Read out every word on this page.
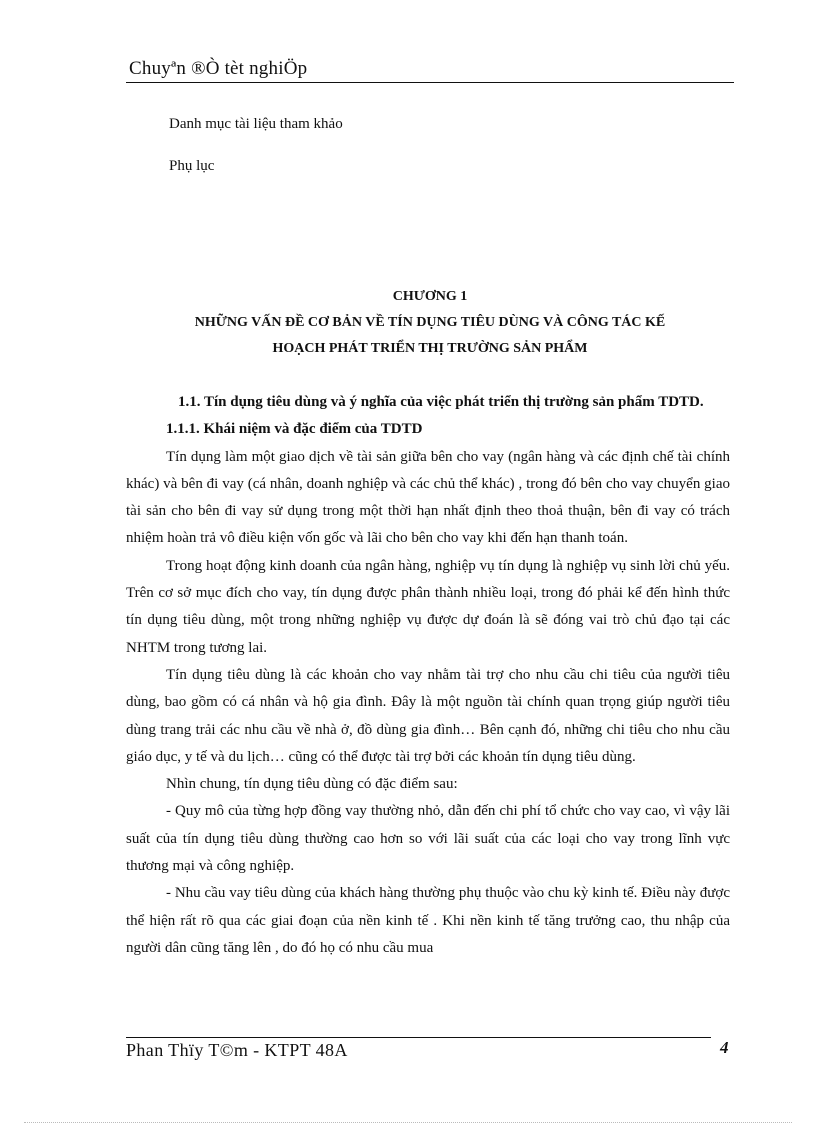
Chuyªn ®Ò tèt nghiÖp
Danh mục tài liệu tham khảo
Phụ lục
CHƯƠNG 1
NHỮNG VẤN ĐỀ CƠ BẢN VỀ TÍN DỤNG TIÊU DÙNG VÀ CÔNG TÁC KẾ
HOẠCH PHÁT TRIỂN THỊ TRƯỜNG SẢN PHẨM

1.1. Tín dụng tiêu dùng và ý nghĩa của việc phát triển thị trường sản phẩm TDTD.

1.1.1. Khái niệm và đặc điểm của TDTD

Tín dụng làm một giao dịch về tài sản giữa bên cho vay (ngân hàng và các định chế tài chính khác) và bên đi vay (cá nhân, doanh nghiệp và các chủ thể khác) , trong đó bên cho vay chuyển giao tài sản cho bên đi vay sử dụng trong một thời hạn nhất định theo thoả thuận, bên đi vay có trách nhiệm hoàn trả vô điều kiện vốn gốc và lãi cho bên cho vay khi đến hạn thanh toán.

Trong hoạt động kinh doanh của ngân hàng, nghiệp vụ tín dụng là nghiệp vụ sinh lời chủ yếu. Trên cơ sở mục đích cho vay, tín dụng được phân thành nhiều loại, trong đó phải kể đến hình thức tín dụng tiêu dùng, một trong những nghiệp vụ được dự đoán là sẽ đóng vai trò chủ đạo tại các NHTM trong tương lai.

Tín dụng tiêu dùng là các khoản cho vay nhằm tài trợ cho nhu cầu chi tiêu của người tiêu dùng, bao gồm có cá nhân và hộ gia đình. Đây là một nguồn tài chính quan trọng giúp người tiêu dùng trang trải các nhu cầu về nhà ở, đồ dùng gia đình… Bên cạnh đó, những chi tiêu cho nhu cầu giáo dục, y tế và du lịch… cũng có thể được tài trợ bởi các khoản tín dụng tiêu dùng.

Nhìn chung, tín dụng tiêu dùng có đặc điểm sau:

- Quy mô của từng hợp đồng vay thường nhỏ, dẫn đến chi phí tổ chức cho vay cao, vì vậy lãi suất của tín dụng tiêu dùng thường cao hơn so với lãi suất của các loại cho vay trong lĩnh vực thương mại và công nghiệp.

- Nhu cầu vay tiêu dùng của khách hàng thường phụ thuộc vào chu kỳ kinh tế. Điều này được thể hiện rất rõ qua các giai đoạn của nền kinh tế . Khi nền kinh tế tăng trưởng cao, thu nhập của người dân cũng tăng lên , do đó họ có nhu cầu mua

Phan Thïy T©m - KTPT 48A	4
